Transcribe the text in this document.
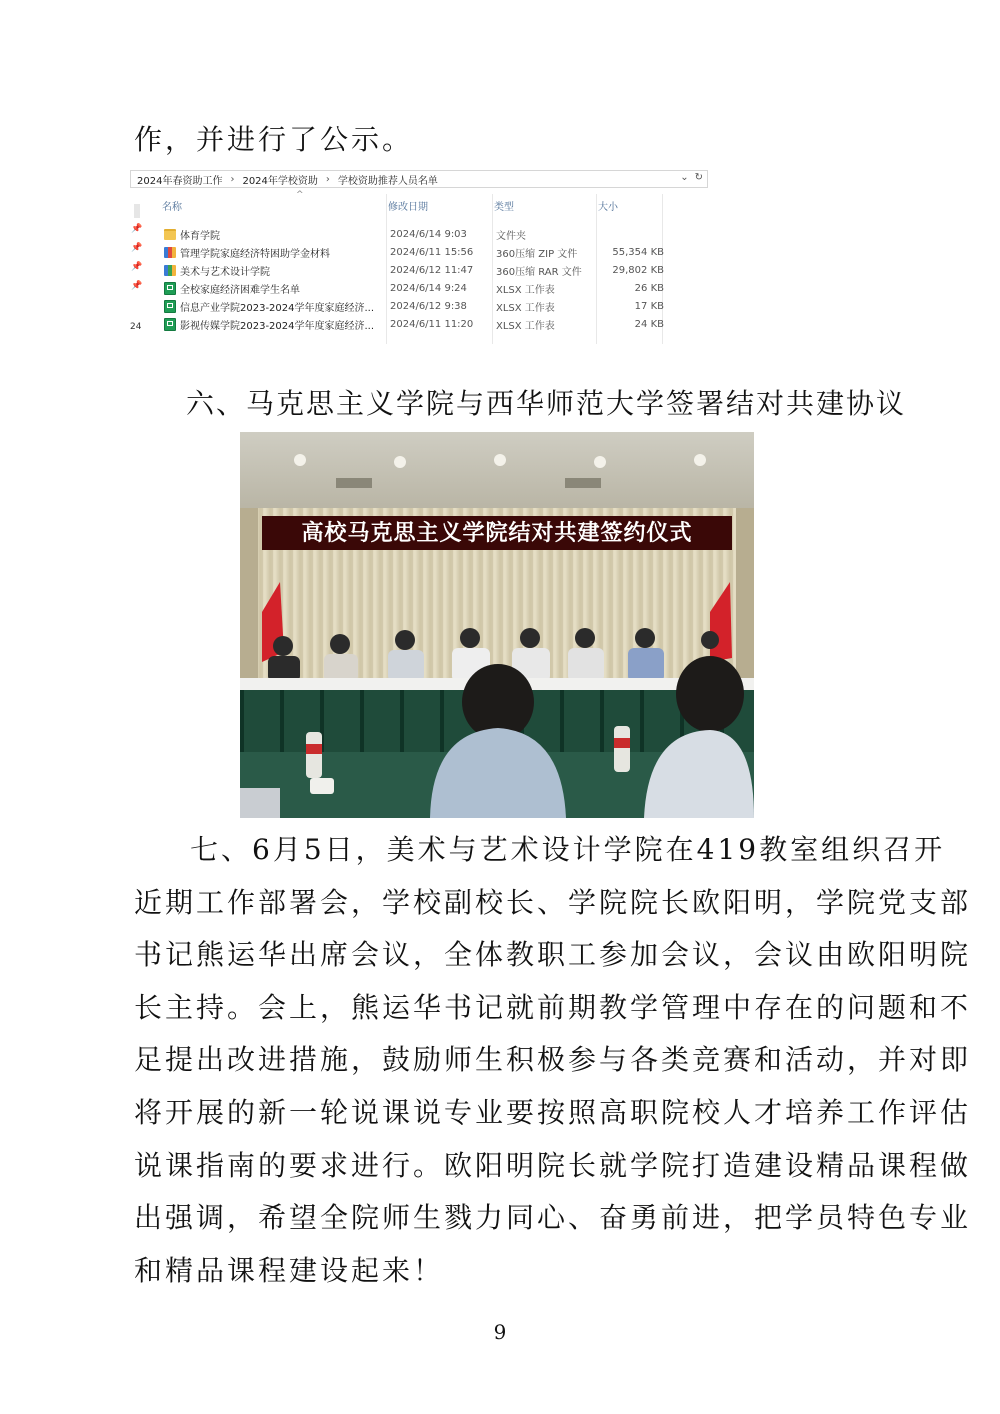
作，并进行了公示。

2024年春资助工作 › 2024年学校资助 › 学校资助推荐人员名单	⌄ ↻
📌
📌
📌
📌
24
^
名称	修改日期	类型	大小
体育学院	2024/6/14 9:03	文件夹
管理学院家庭经济特困助学金材料	2024/6/11 15:56	360压缩 ZIP 文件	55,354 KB
美术与艺术设计学院	2024/6/12 11:47	360压缩 RAR 文件	29,802 KB
全校家庭经济困难学生名单	2024/6/14 9:24	XLSX 工作表	26 KB
信息产业学院2023-2024学年度家庭经济... 2024/6/12 9:38	XLSX 工作表	17 KB
影视传媒学院2023-2024学年度家庭经济... 2024/6/11 11:20	XLSX 工作表	24 KB
六、马克思主义学院与西华师范大学签署结对共建协议
高校马克思主义学院结对共建签约仪式
七、6月5日，美术与艺术设计学院在419教室组织召开
近期工作部署会，学校副校长、学院院长欧阳明，学院党支部
书记熊运华出席会议，全体教职工参加会议，会议由欧阳明院
长主持。会上，熊运华书记就前期教学管理中存在的问题和不
足提出改进措施，鼓励师生积极参与各类竞赛和活动，并对即
将开展的新一轮说课说专业要按照高职院校人才培养工作评估
说课指南的要求进行。欧阳明院长就学院打造建设精品课程做
出强调，希望全院师生戮力同心、奋勇前进，把学员特色专业
和精品课程建设起来！
9
